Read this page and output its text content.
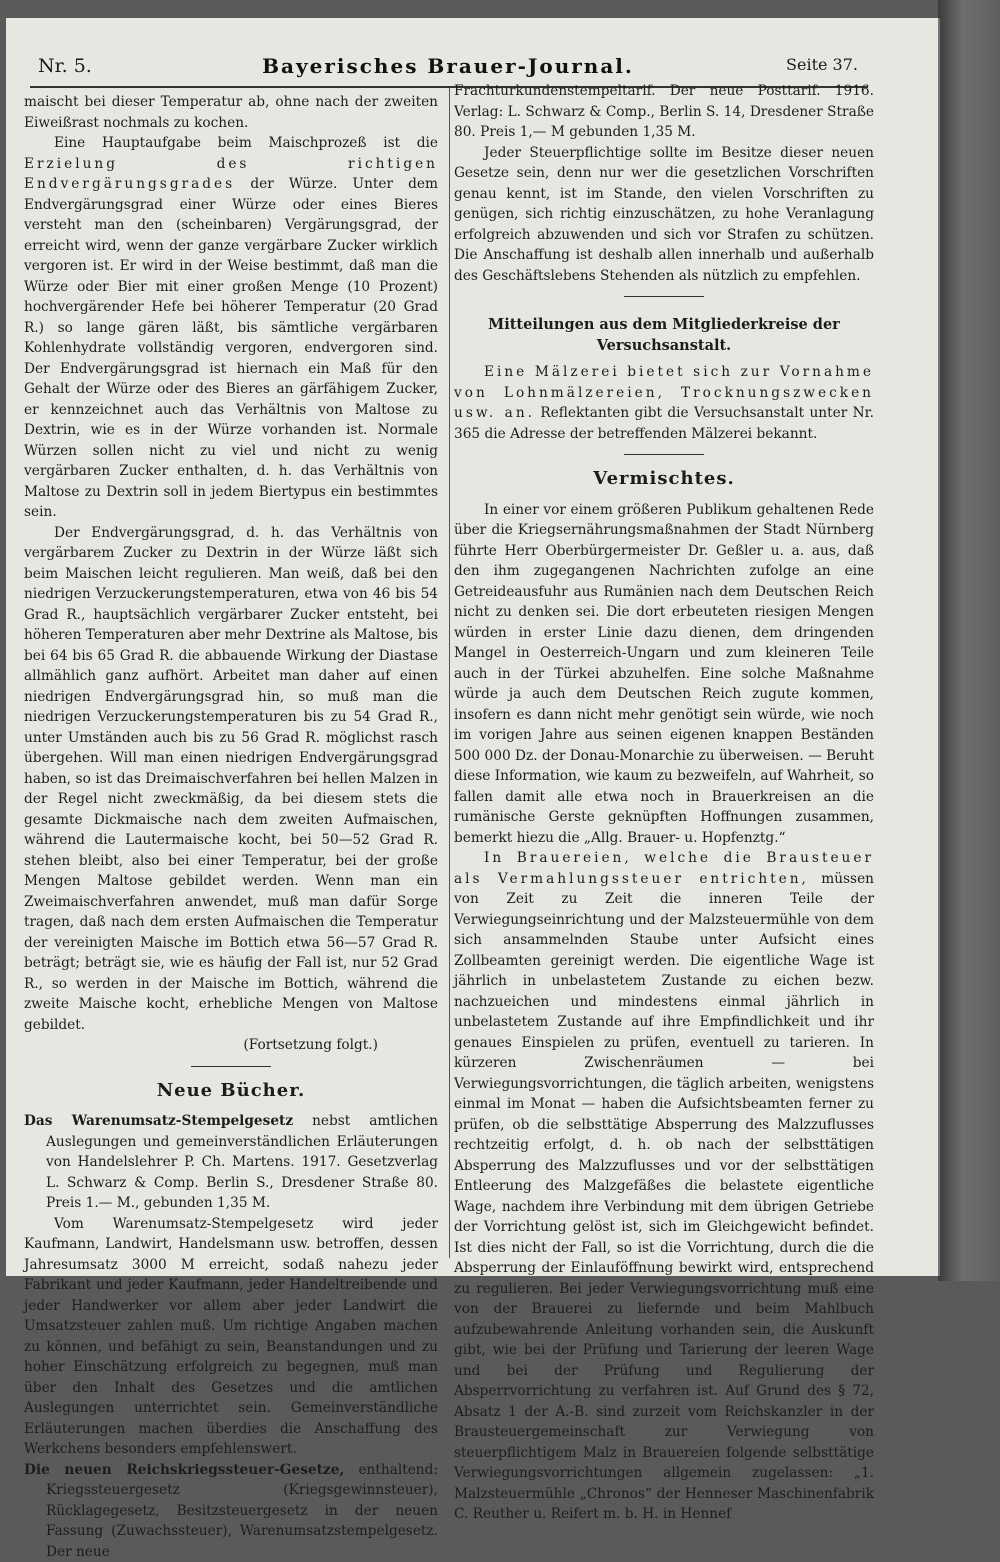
Nr. 5.	Bayerisches Brauer-Journal.	Seite 37.

maischt bei dieser Temperatur ab, ohne nach der zweiten Eiweißrast nochmals zu kochen.

Eine Hauptaufgabe beim Maischprozeß ist die Erzielung des richtigen Endvergärungsgrades der Würze. Unter dem Endvergärungsgrad einer Würze oder eines Bieres versteht man den (scheinbaren) Vergärungsgrad, der erreicht wird, wenn der ganze vergärbare Zucker wirklich vergoren ist. Er wird in der Weise bestimmt, daß man die Würze oder Bier mit einer großen Menge (10 Prozent) hochvergärender Hefe bei höherer Temperatur (20 Grad R.) so lange gären läßt, bis sämtliche vergärbaren Kohlenhydrate vollständig vergoren, endvergoren sind. Der Endvergärungsgrad ist hiernach ein Maß für den Gehalt der Würze oder des Bieres an gärfähigem Zucker, er kennzeichnet auch das Verhältnis von Maltose zu Dextrin, wie es in der Würze vorhanden ist. Normale Würzen sollen nicht zu viel und nicht zu wenig vergärbaren Zucker enthalten, d. h. das Verhältnis von Maltose zu Dextrin soll in jedem Biertypus ein bestimmtes sein.

Der Endvergärungsgrad, d. h. das Verhältnis von vergärbarem Zucker zu Dextrin in der Würze läßt sich beim Maischen leicht regulieren. Man weiß, daß bei den niedrigen Verzuckerungstemperaturen, etwa von 46 bis 54 Grad R., hauptsächlich vergärbarer Zucker entsteht, bei höheren Temperaturen aber mehr Dextrine als Maltose, bis bei 64 bis 65 Grad R. die abbauende Wirkung der Diastase allmählich ganz aufhört. Arbeitet man daher auf einen niedrigen Endvergärungsgrad hin, so muß man die niedrigen Verzuckerungstemperaturen bis zu 54 Grad R., unter Umständen auch bis zu 56 Grad R. möglichst rasch übergehen. Will man einen niedrigen Endvergärungsgrad haben, so ist das Dreimaischverfahren bei hellen Malzen in der Regel nicht zweckmäßig, da bei diesem stets die gesamte Dickmaische nach dem zweiten Aufmaischen, während die Lautermaische kocht, bei 50—52 Grad R. stehen bleibt, also bei einer Temperatur, bei der große Mengen Maltose gebildet werden. Wenn man ein Zweimaischverfahren anwendet, muß man dafür Sorge tragen, daß nach dem ersten Aufmaischen die Temperatur der vereinigten Maische im Bottich etwa 56—57 Grad R. beträgt; beträgt sie, wie es häufig der Fall ist, nur 52 Grad R., so werden in der Maische im Bottich, während die zweite Maische kocht, erhebliche Mengen von Maltose gebildet.

(Fortsetzung folgt.)

Neue Bücher.

Das Warenumsatz-Stempelgesetz nebst amtlichen Auslegungen und gemeinverständlichen Erläuterungen von Handelslehrer P. Ch. Martens. 1917. Gesetzverlag L. Schwarz & Comp. Berlin S., Dresdener Straße 80. Preis 1.— M., gebunden 1,35 M.

Vom Warenumsatz-Stempelgesetz wird jeder Kaufmann, Landwirt, Handelsmann usw. betroffen, dessen Jahresumsatz 3000 M erreicht, sodaß nahezu jeder Fabrikant und jeder Kaufmann, jeder Handeltreibende und jeder Handwerker vor allem aber jeder Landwirt die Umsatzsteuer zahlen muß. Um richtige Angaben machen zu können, und befähigt zu sein, Beanstandungen und zu hoher Einschätzung erfolgreich zu begegnen, muß man über den Inhalt des Gesetzes und die amtlichen Auslegungen unterrichtet sein. Gemeinverständliche Erläuterungen machen überdies die Anschaffung des Werkchens besonders empfehlenswert.

Die neuen Reichskriegssteuer-Gesetze, enthaltend: Kriegssteuergesetz (Kriegsgewinnsteuer), Rücklagegesetz, Besitzsteuergesetz in der neuen Fassung (Zuwachssteuer), Warenumsatzstempelgesetz. Der neue

Frachturkundenstempeltarif. Der neue Posttarif. 1916. Verlag: L. Schwarz & Comp., Berlin S. 14, Dresdener Straße 80. Preis 1,— M gebunden 1,35 M.

Jeder Steuerpflichtige sollte im Besitze dieser neuen Gesetze sein, denn nur wer die gesetzlichen Vorschriften genau kennt, ist im Stande, den vielen Vorschriften zu genügen, sich richtig einzuschätzen, zu hohe Veranlagung erfolgreich abzuwenden und sich vor Strafen zu schützen. Die Anschaffung ist deshalb allen innerhalb und außerhalb des Geschäftslebens Stehenden als nützlich zu empfehlen.

Mitteilungen aus dem Mitgliederkreise der Versuchsanstalt.

Eine Mälzerei bietet sich zur Vornahme von Lohnmälzereien, Trocknungszwecken usw. an. Reflektanten gibt die Versuchsanstalt unter Nr. 365 die Adresse der betreffenden Mälzerei bekannt.

Vermischtes.

In einer vor einem größeren Publikum gehaltenen Rede über die Kriegsernährungsmaßnahmen der Stadt Nürnberg führte Herr Oberbürgermeister Dr. Geßler u. a. aus, daß den ihm zugegangenen Nachrichten zufolge an eine Getreideausfuhr aus Rumänien nach dem Deutschen Reich nicht zu denken sei. Die dort erbeuteten riesigen Mengen würden in erster Linie dazu dienen, dem dringenden Mangel in Oesterreich-Ungarn und zum kleineren Teile auch in der Türkei abzuhelfen. Eine solche Maßnahme würde ja auch dem Deutschen Reich zugute kommen, insofern es dann nicht mehr genötigt sein würde, wie noch im vorigen Jahre aus seinen eigenen knappen Beständen 500 000 Dz. der Donau-Monarchie zu überweisen. — Beruht diese Information, wie kaum zu bezweifeln, auf Wahrheit, so fallen damit alle etwa noch in Brauerkreisen an die rumänische Gerste geknüpften Hoffnungen zusammen, bemerkt hiezu die „Allg. Brauer- u. Hopfenztg.“

In Brauereien, welche die Brausteuer als Vermahlungssteuer entrichten, müssen von Zeit zu Zeit die inneren Teile der Verwiegungseinrichtung und der Malzsteuermühle von dem sich ansammelnden Staube unter Aufsicht eines Zollbeamten gereinigt werden. Die eigentliche Wage ist jährlich in unbelastetem Zustande zu eichen bezw. nachzueichen und mindestens einmal jährlich in unbelastetem Zustande auf ihre Empfindlichkeit und ihr genaues Einspielen zu prüfen, eventuell zu tarieren. In kürzeren Zwischenräumen — bei Verwiegungsvorrichtungen, die täglich arbeiten, wenigstens einmal im Monat — haben die Aufsichtsbeamten ferner zu prüfen, ob die selbsttätige Absperrung des Malzzuflusses rechtzeitig erfolgt, d. h. ob nach der selbsttätigen Absperrung des Malzzuflusses und vor der selbsttätigen Entleerung des Malzgefäßes die belastete eigentliche Wage, nachdem ihre Verbindung mit dem übrigen Getriebe der Vorrichtung gelöst ist, sich im Gleichgewicht befindet. Ist dies nicht der Fall, so ist die Vorrichtung, durch die die Absperrung der Einlauföffnung bewirkt wird, entsprechend zu regulieren. Bei jeder Verwiegungsvorrichtung muß eine von der Brauerei zu liefernde und beim Mahlbuch aufzubewahrende Anleitung vorhanden sein, die Auskunft gibt, wie bei der Prüfung und Tarierung der leeren Wage und bei der Prüfung und Regulierung der Absperrvorrichtung zu verfahren ist. Auf Grund des § 72, Absatz 1 der A.-B. sind zurzeit vom Reichskanzler in der Brausteuergemeinschaft zur Verwiegung von steuerpflichtigem Malz in Brauereien folgende selbsttätige Verwiegungsvorrichtungen allgemein zugelassen: „1. Malzsteuermühle „Chronos“ der Henneser Maschinenfabrik C. Reuther u. Reifert m. b. H. in Hennef
